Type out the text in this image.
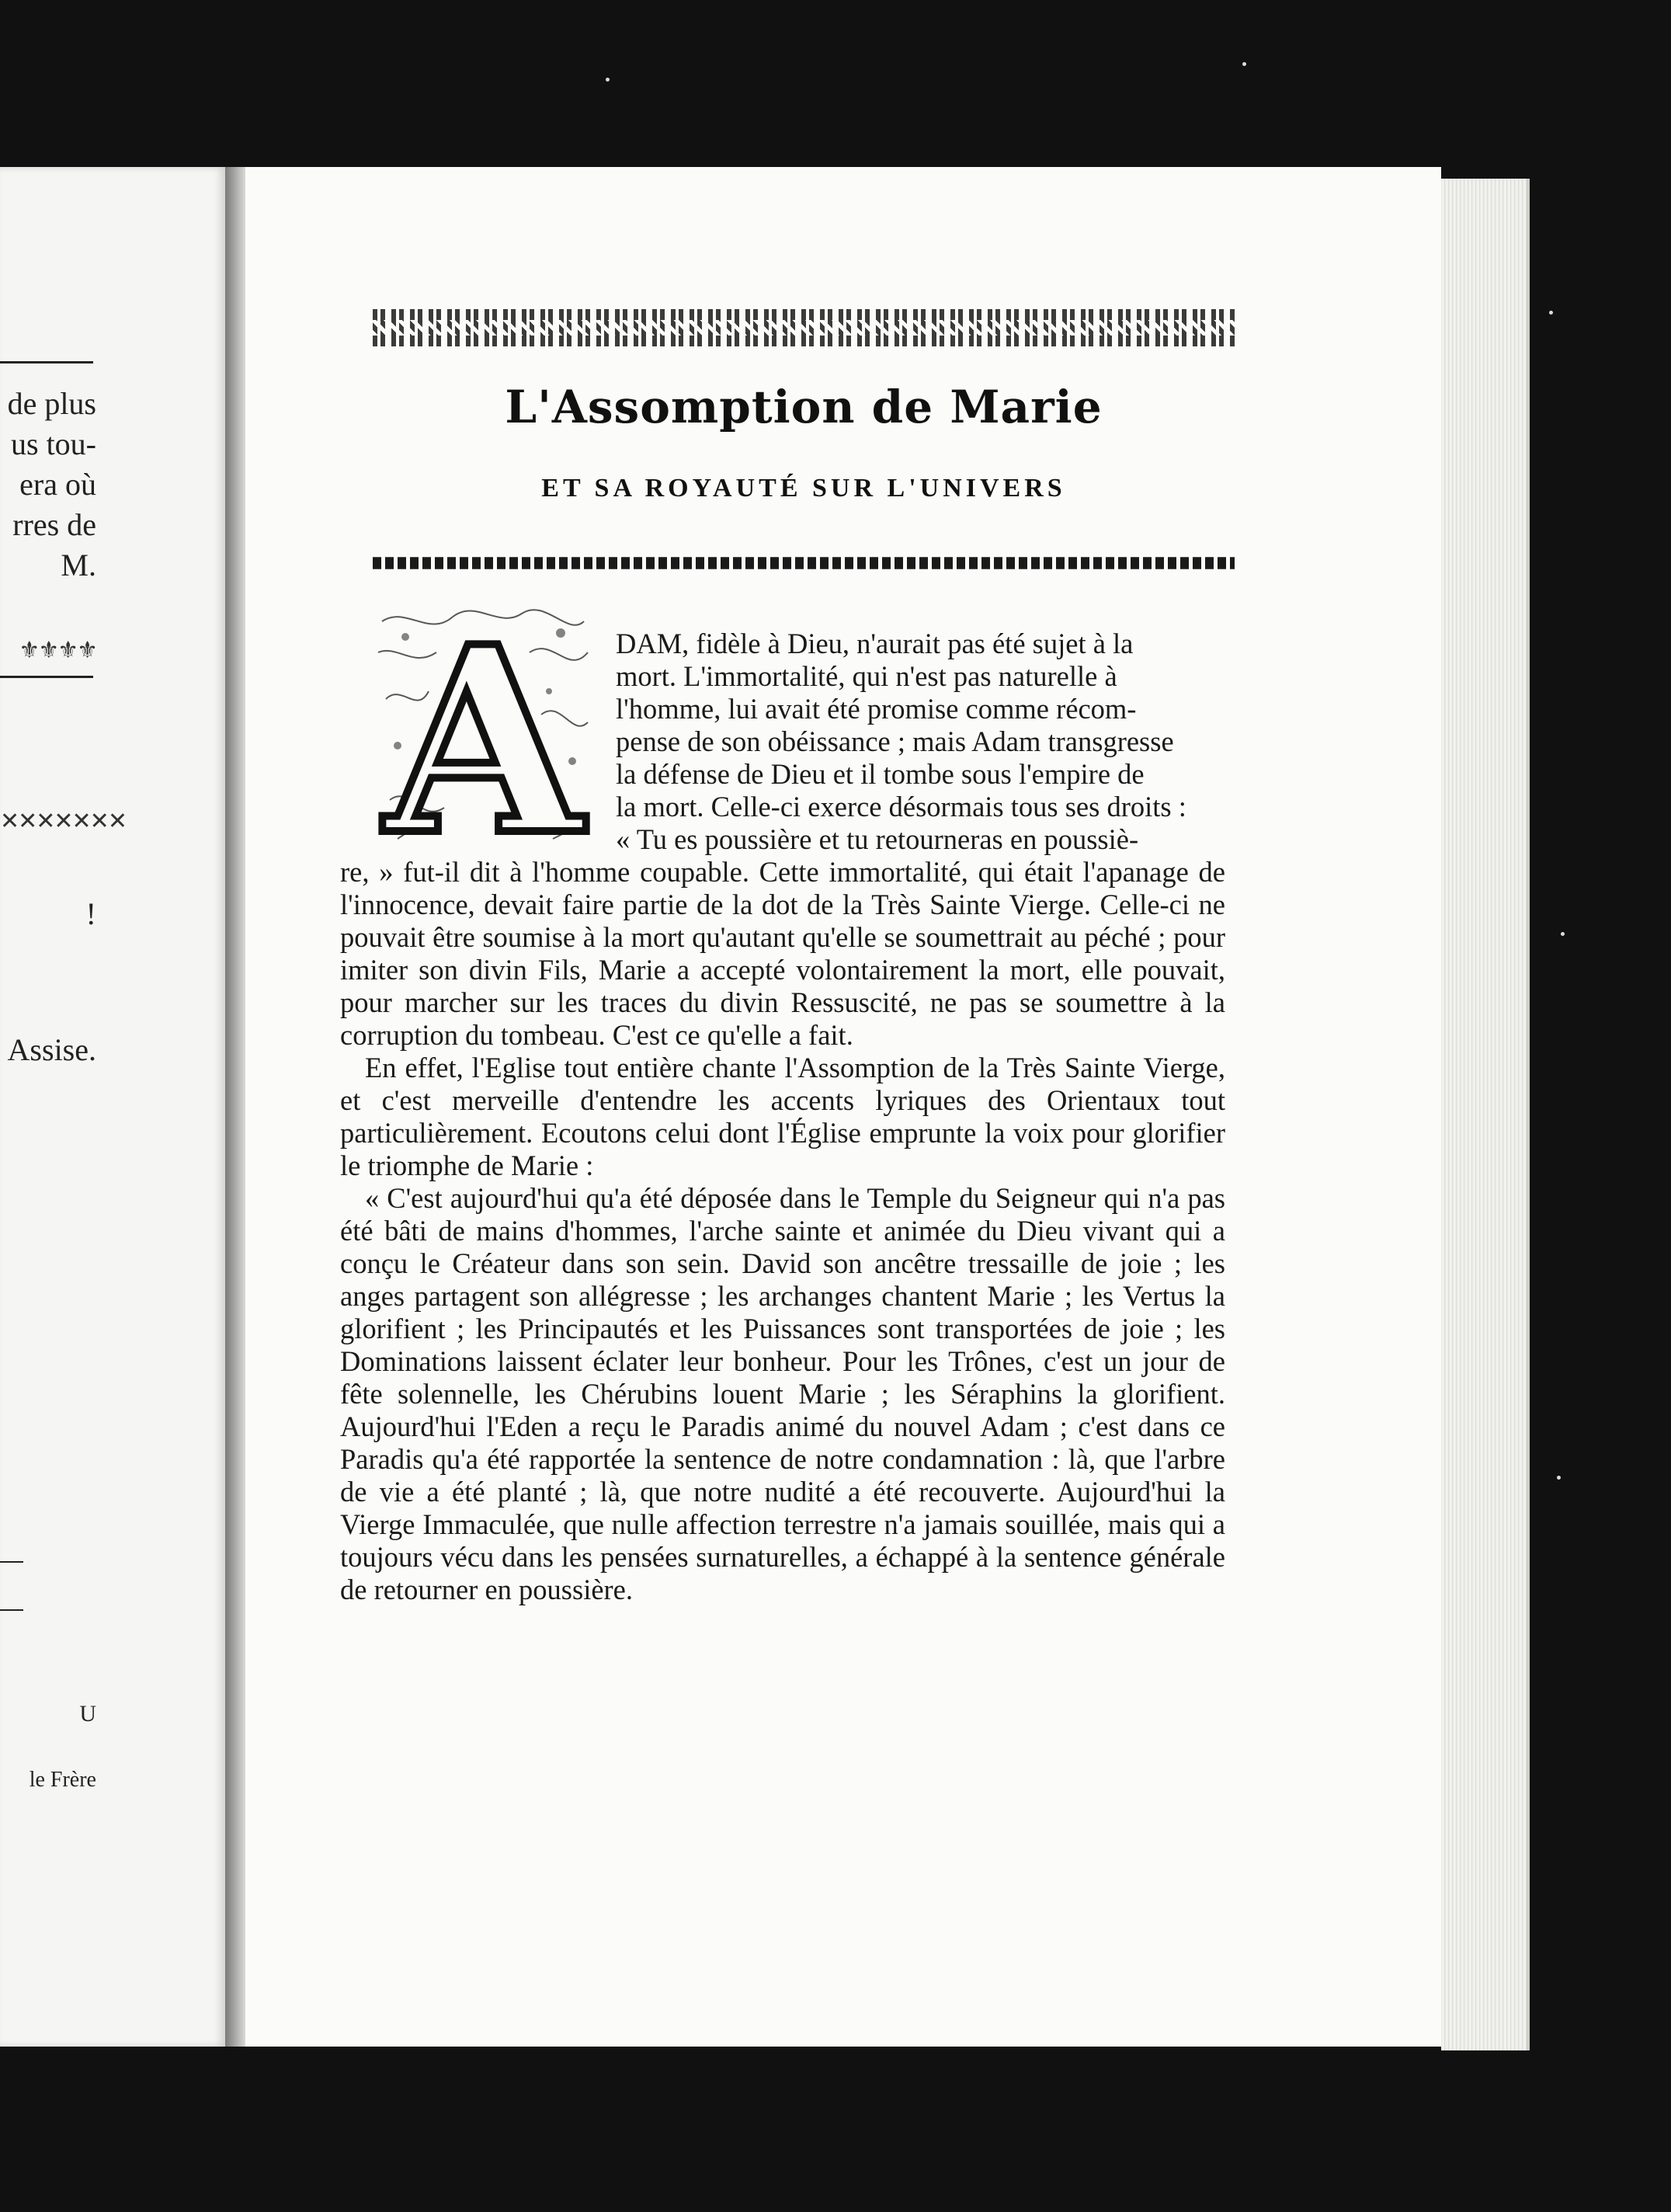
de plus
us tou-
era où
rres de
M.
⚜⚜⚜⚜
✕✕✕✕✕✕✕
!
Assise.
U
le Frère
L'Assomption de Marie
ET SA ROYAUTÉ SUR L'UNIVERS
A DAM, fidèle à Dieu, n'aurait pas été sujet à la
mort. L'immortalité, qui n'est pas naturelle à
l'homme, lui avait été promise comme récom-
pense de son obéissance ; mais Adam transgresse
la défense de Dieu et il tombe sous l'empire de
la mort. Celle-ci exerce désormais tous ses droits :
« Tu es poussière et tu retourneras en poussiè-

re, » fut-il dit à l'homme coupable. Cette immortalité, qui était l'apanage de l'innocence, devait faire partie de la dot de la Très Sainte Vierge. Celle-ci ne pouvait être soumise à la mort qu'autant qu'elle se soumettrait au péché ; pour imiter son divin Fils, Marie a accepté volontairement la mort, elle pouvait, pour marcher sur les traces du divin Ressuscité, ne pas se soumettre à la corruption du tombeau. C'est ce qu'elle a fait.

En effet, l'Eglise tout entière chante l'Assomption de la Très Sainte Vierge, et c'est merveille d'entendre les accents lyriques des Orientaux tout particulièrement. Ecoutons celui dont l'Église emprunte la voix pour glorifier le triomphe de Marie :

« C'est aujourd'hui qu'a été déposée dans le Temple du Seigneur qui n'a pas été bâti de mains d'hommes, l'arche sainte et animée du Dieu vivant qui a conçu le Créateur dans son sein. David son ancêtre tressaille de joie ; les anges partagent son allégresse ; les archanges chantent Marie ; les Vertus la glorifient ; les Principautés et les Puissances sont transportées de joie ; les Dominations laissent éclater leur bonheur. Pour les Trônes, c'est un jour de fête solennelle, les Chérubins louent Marie ; les Séraphins la glorifient. Aujourd'hui l'Eden a reçu le Paradis animé du nouvel Adam ; c'est dans ce Paradis qu'a été rapportée la sentence de notre condamnation : là, que l'arbre de vie a été planté ; là, que notre nudité a été recouverte. Aujourd'hui la Vierge Immaculée, que nulle affection terrestre n'a jamais souillée, mais qui a toujours vécu dans les pensées surnaturelles, a échappé à la sentence générale de retourner en poussière.
